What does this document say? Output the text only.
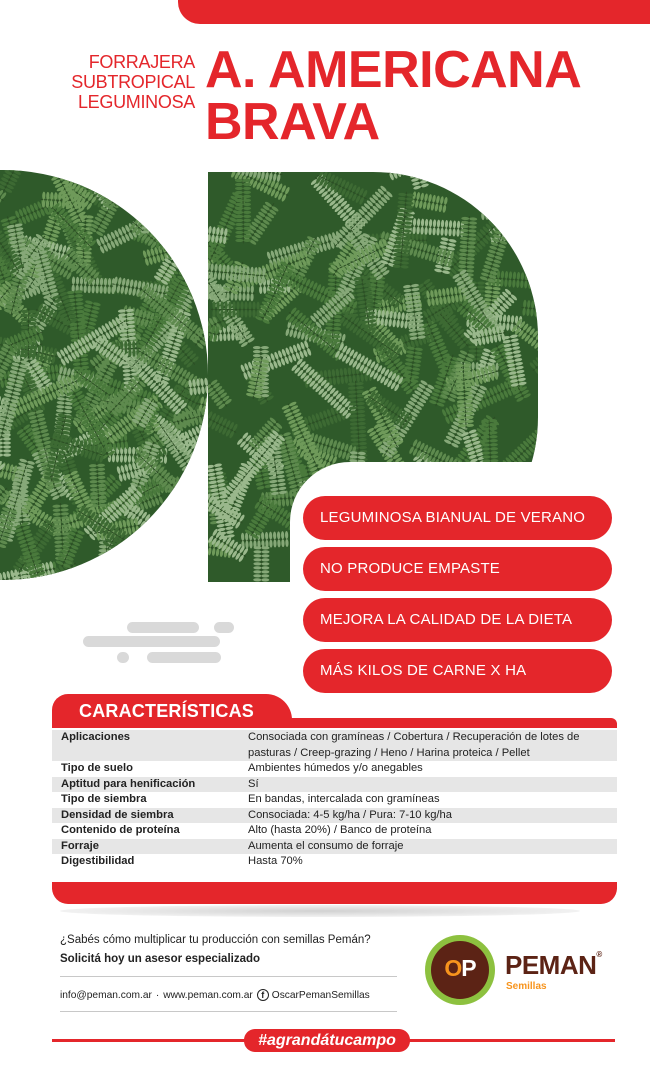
FORRAJERA
SUBTROPICAL
LEGUMINOSA
A. AMERICANA
BRAVA
LEGUMINOSA BIANUAL DE VERANO
NO PRODUCE EMPASTE
MEJORA LA CALIDAD DE LA DIETA
MÁS KILOS DE CARNE X HA
CARACTERÍSTICAS
Aplicaciones	Consociada con gramíneas / Cobertura / Recuperación de lotes de pasturas / Creep-grazing / Heno / Harina proteica / Pellet
Tipo de suelo	Ambientes húmedos y/o anegables
Aptitud para henificación	Sí
Tipo de siembra	En bandas, intercalada con gramíneas
Densidad de siembra	Consociada: 4-5 kg/ha / Pura: 7-10 kg/ha
Contenido de proteína	Alto (hasta 20%) / Banco de proteína
Forraje	Aumenta el consumo de forraje
Digestibilidad	Hasta 70%
¿Sabés cómo multiplicar tu producción con semillas Pemán?
Solicitá hoy un asesor especializado
info@peman.com.ar · www.peman.com.ar f OscarPemanSemillas
OP	PEMAN®
Semillas
#agrandátucampo
